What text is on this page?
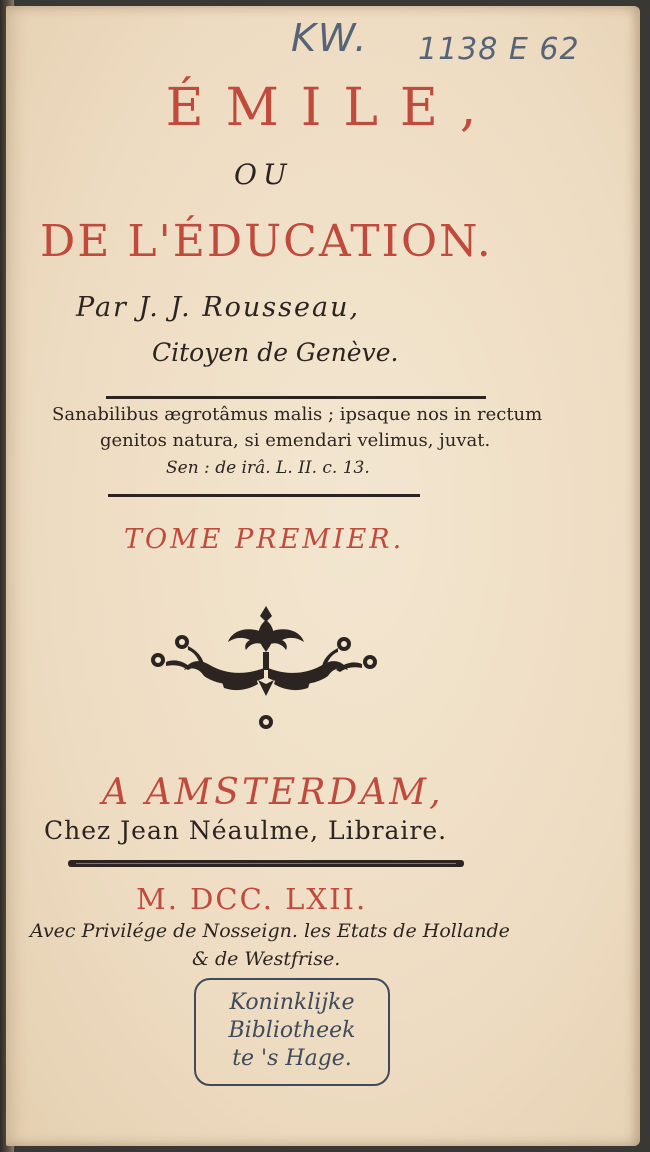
KW. 1138 E 62
ÉMILE,
OU
DE L'ÉDUCATION.
Par J. J. Rousseau,
Citoyen de Genève.
Sanabilibus ægrotâmus malis ; ipsaque nos in rectum
genitos natura, si emendari velimus, juvat.
Sen : de irâ. L. II. c. 13.
TOME PREMIER.
A AMSTERDAM,
Chez Jean Néaulme, Libraire.
M. DCC. LXII.
Avec Privilége de Nosseign. les Etats de Hollande
& de Westfrise.
Koninklijke
Bibliotheek
te 's Hage.
